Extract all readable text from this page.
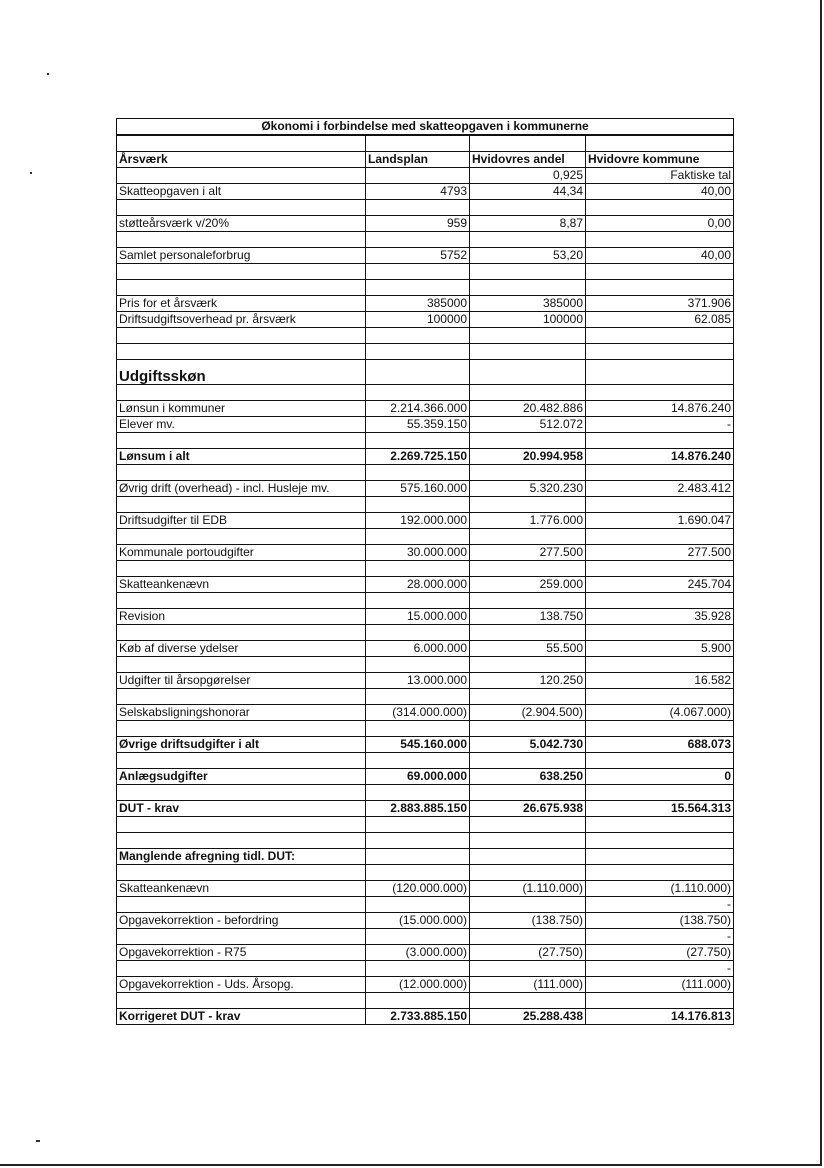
Økonomi i forbindelse med skatteopgaven i kommunerne			

Årsværk	Landsplan	Hvidovres andel	Hvidovre kommune
		0,925	Faktiske tal
Skatteopgaven i alt	4793	44,34	40,00

støtteårsværk v/20%	959	8,87	0,00

Samlet personaleforbrug	5752	53,20	40,00

Pris for et årsværk	385000	385000	371.906
Driftsudgiftsoverhead pr. årsværk	100000	100000	62.085

Udgiftsskøn			

Lønsun i kommuner	2.214.366.000	20.482.886	14.876.240
Elever mv.	55.359.150	512.072	-

Lønsum i alt	2.269.725.150	20.994.958	14.876.240

Øvrig drift (overhead) - incl. Husleje mv.	575.160.000	5.320.230	2.483.412

Driftsudgifter til EDB	192.000.000	1.776.000	1.690.047

Kommunale portoudgifter	30.000.000	277.500	277.500

Skatteankenævn	28.000.000	259.000	245.704

Revision	15.000.000	138.750	35.928

Køb af diverse ydelser	6.000.000	55.500	5.900

Udgifter til årsopgørelser	13.000.000	120.250	16.582

Selskabsligningshonorar	(314.000.000)	(2.904.500)	(4.067.000)

Øvrige driftsudgifter i alt	545.160.000	5.042.730	688.073

Anlægsudgifter	69.000.000	638.250	0

DUT - krav	2.883.885.150	26.675.938	15.564.313

Manglende afregning tidl. DUT:			

Skatteankenævn	(120.000.000)	(1.110.000)	(1.110.000)
			-
Opgavekorrektion - befordring	(15.000.000)	(138.750)	(138.750)
			-
Opgavekorrektion - R75	(3.000.000)	(27.750)	(27.750)
			-
Opgavekorrektion - Uds. Årsopg.	(12.000.000)	(111.000)	(111.000)

Korrigeret DUT - krav	2.733.885.150	25.288.438	14.176.813
